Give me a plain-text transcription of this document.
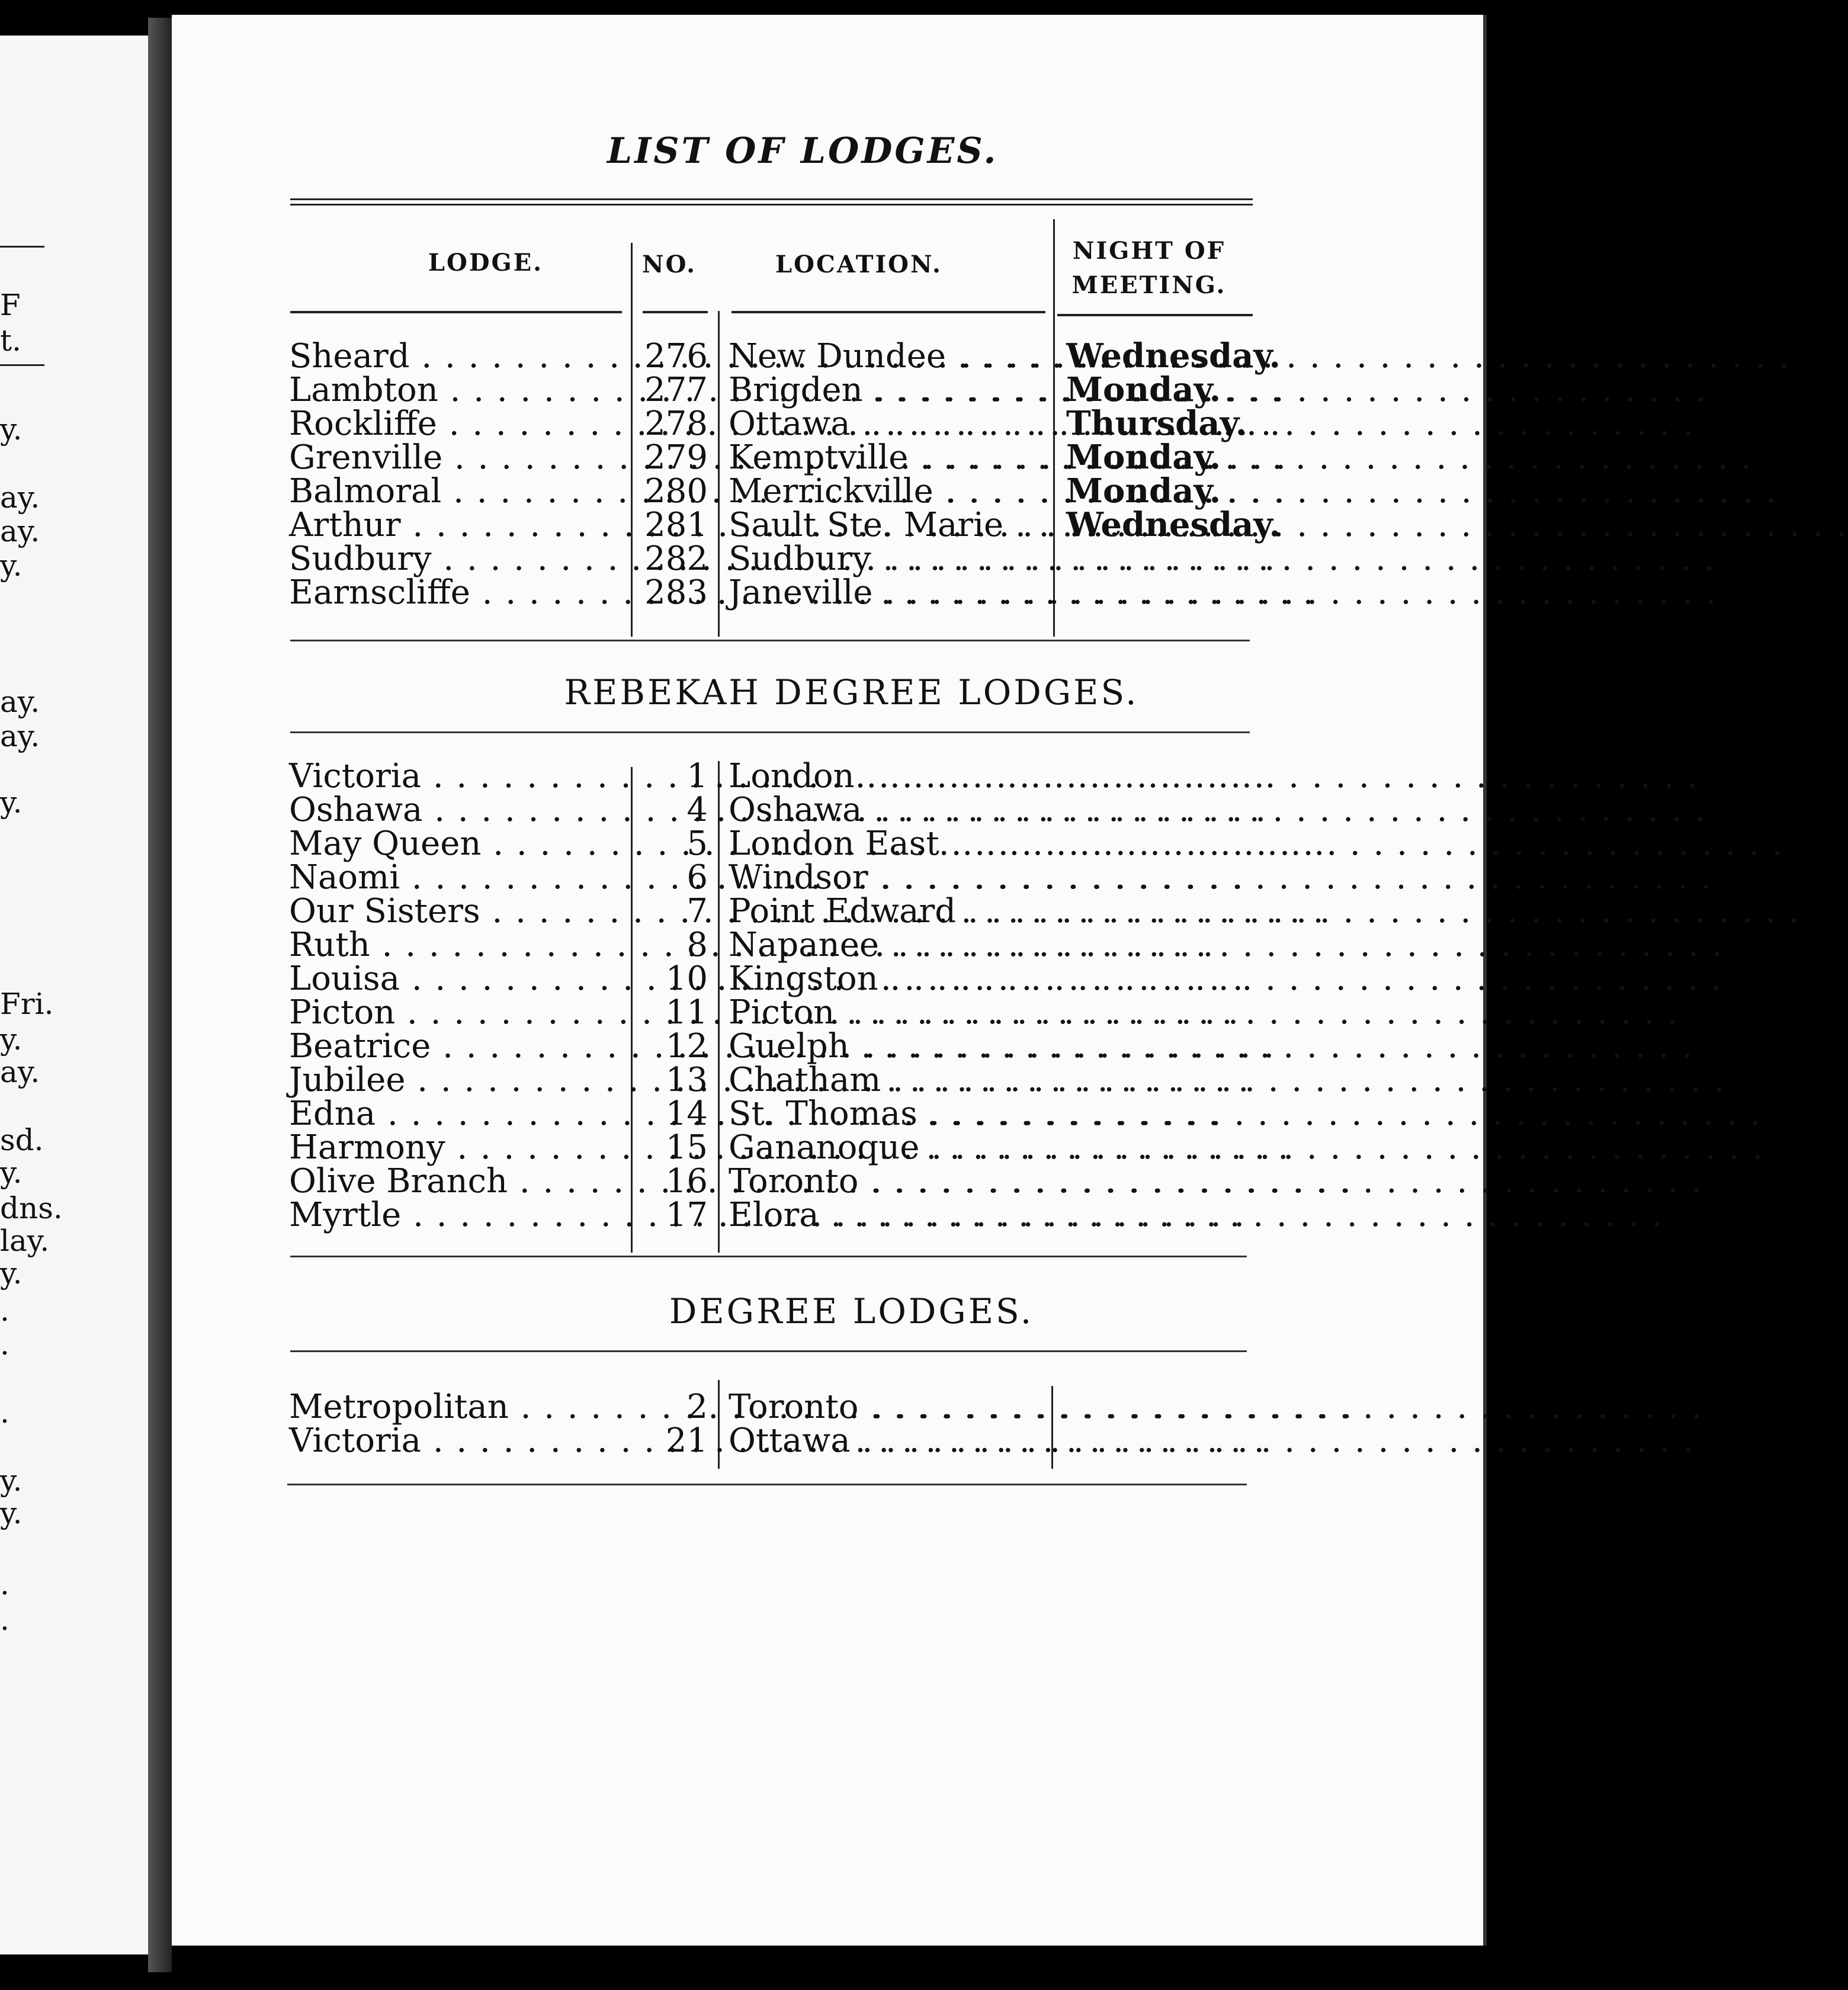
F
t.
y.
ay.
ay.
y.
ay.
ay.
y.
Fri.
y.
ay.
sd.
y.
dns.
lay.
y.
.
.
.
y.
y.
.
.
LIST OF LODGES.
LODGE.	NO.	LOCATION.	NIGHT OF MEETING.
Sheard . . .	276 New Dundee . . .	Wednesday.
Lambton . . .	277 Brigden . . .	Monday.
Rockliffe . . .	278 Ottawa . . .	Thursday.
Grenville . . .	279 Kemptville . . .	Monday.
Balmoral . . .	280 Merrickville . . .	Monday.
Arthur . . .	281 Sault Ste. Marie . . .	Wednesday.
Sudbury . . .	282 Sudbury . . .
Earnscliffe . . .	283 Janeville . . .
REBEKAH DEGREE LODGES.
Victoria . . .	1 London . . .
Oshawa . . .	4 Oshawa . . .
May Queen . . .	5 London East . . .
Naomi . . .	6 Windsor . . .
Our Sisters . . .	7 Point Edward . . .
Ruth . . .	8 Napanee . . .
Louisa . . .	10 Kingston . . .
Picton . . .	11 Picton . . .
Beatrice . . .	12 Guelph . . .
Jubilee . . .	13 Chatham . . .
Edna . . .	14 St. Thomas . . .
Harmony . . .	15 Gananoque . . .
Olive Branch . . .	16 Toronto . . .
Myrtle . . .	17 Elora . . .
DEGREE LODGES.
Metropolitan . . .	2 Toronto . . .
Victoria . . .	21 Ottawa . . .
